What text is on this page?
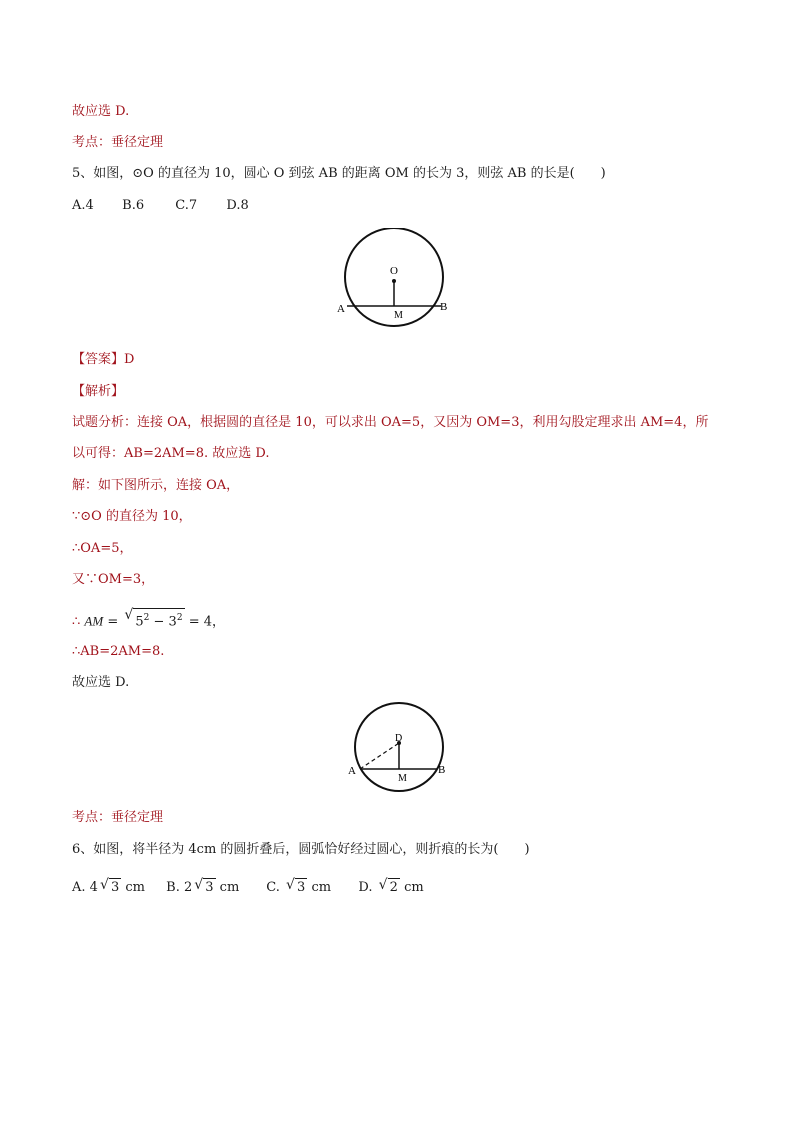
故应选 D.
考点：垂径定理
5、如图，⊙O 的直径为 10，圆心 O 到弦 AB 的距离 OM 的长为 3，则弦 AB 的长是(　　)
A.4 B.6 C.7 D.8
O
A	B
M
【答案】D
【解析】
试题分析：连接 OA，根据圆的直径是 10，可以求出 OA=5，又因为 OM=3，利用勾股定理求出 AM=4，所
以可得：AB=2AM=8. 故应选 D.
解：如下图所示，连接 OA，
∵⊙O 的直径为 10，
∴OA=5，
又∵OM=3，
∴ AM = √ $5^2 - 3^2 = 4$，
∴AB=2AM=8.
故应选 D.
D
A	B
M
考点：垂径定理
6、如图，将半径为 4cm 的圆折叠后，圆弧恰好经过圆心，则折痕的长为(　　)
A. 4 √ 3 cm B. 2 √ 3 cm C. √ 3 cm D. √ 2 cm
